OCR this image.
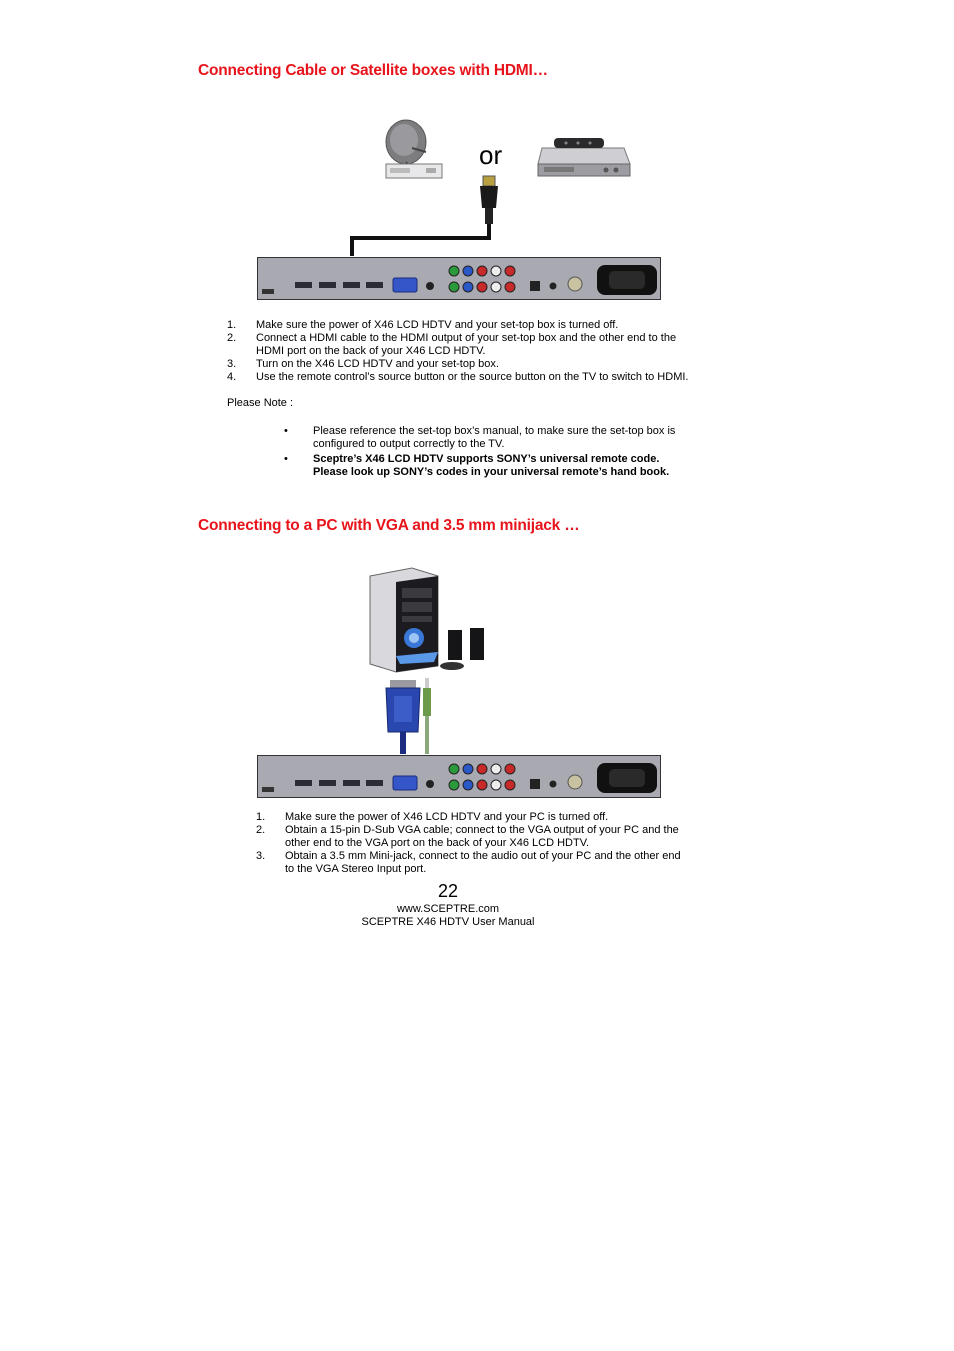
Connecting Cable or Satellite boxes with HDMI…
or
1. Make sure the power of X46 LCD HDTV and your set-top box is turned off.
2. Connect a HDMI cable to the HDMI output of your set-top box and the other end to the
HDMI port on the back of your X46 LCD HDTV.
3. Turn on the X46 LCD HDTV and your set-top box.
4. Use the remote control’s source button or the source button on the TV to switch to HDMI.
Please Note :
• Please reference the set-top box’s manual, to make sure the set-top box is
configured to output correctly to the TV.
• Sceptre’s X46 LCD HDTV supports SONY’s universal remote code.
Please look up SONY’s codes in your universal remote’s hand book.
Connecting to a PC with VGA and 3.5 mm minijack …
1. Make sure the power of X46 LCD HDTV and your PC is turned off.
2. Obtain a 15-pin D-Sub VGA cable; connect to the VGA output of your PC and the
other end to the VGA port on the back of your X46 LCD HDTV.
3. Obtain a 3.5 mm Mini-jack, connect to the audio out of your PC and the other end
to the VGA Stereo Input port.
22
www.SCEPTRE.com
SCEPTRE X46 HDTV User Manual
